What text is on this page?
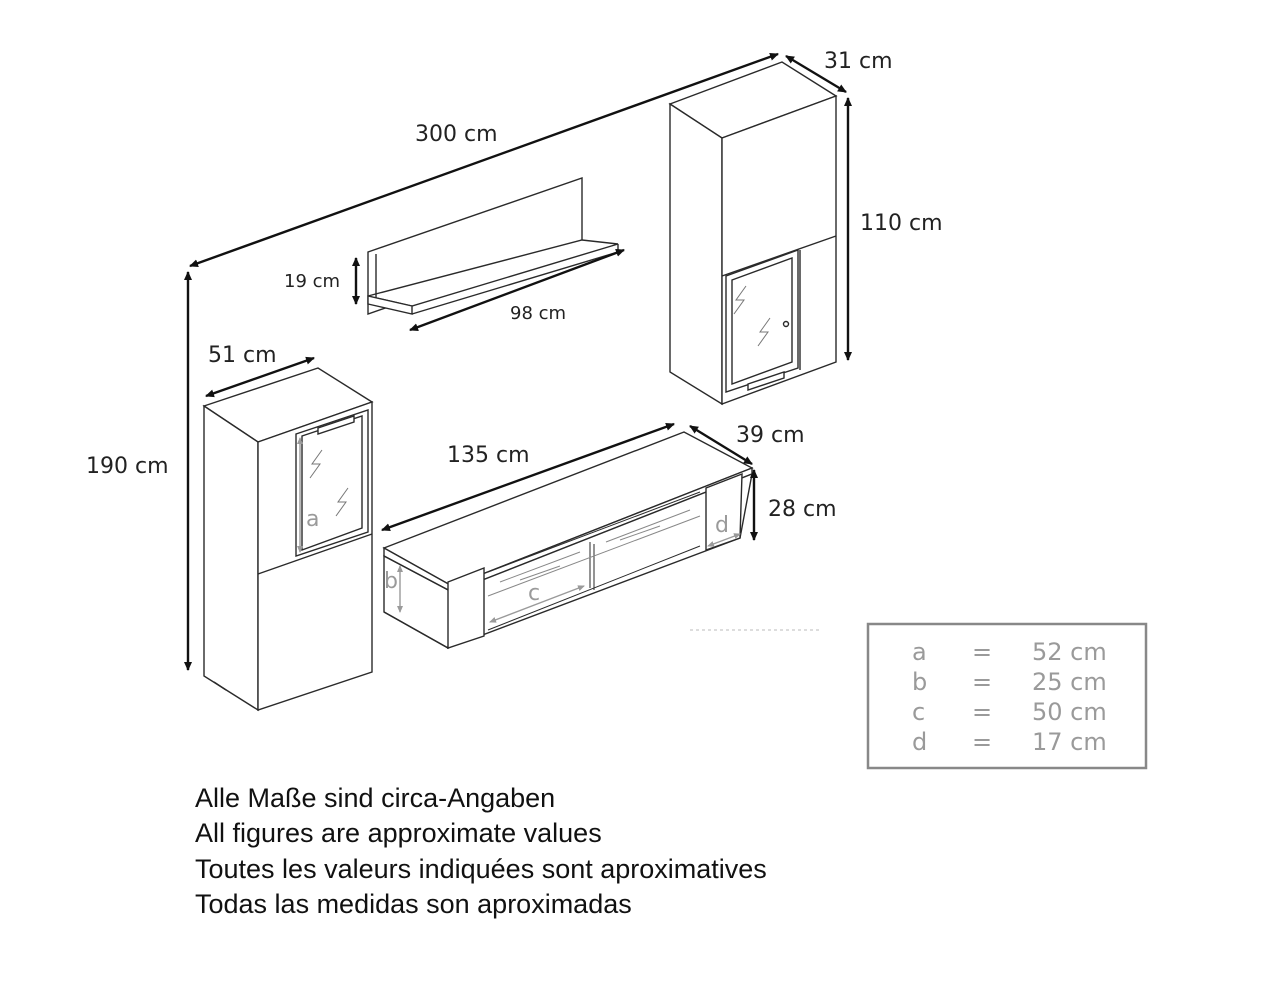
300 cm
31 cm
110 cm
19 cm
98 cm
190 cm
51 cm
135 cm
39 cm
28 cm
a
b	c
d
a = 52 cm
b = 25 cm
c = 50 cm
d = 17 cm
Alle Maße sind circa-Angaben
All figures are approximate values
Toutes les valeurs indiquées sont aproximatives
Todas las medidas son aproximadas
